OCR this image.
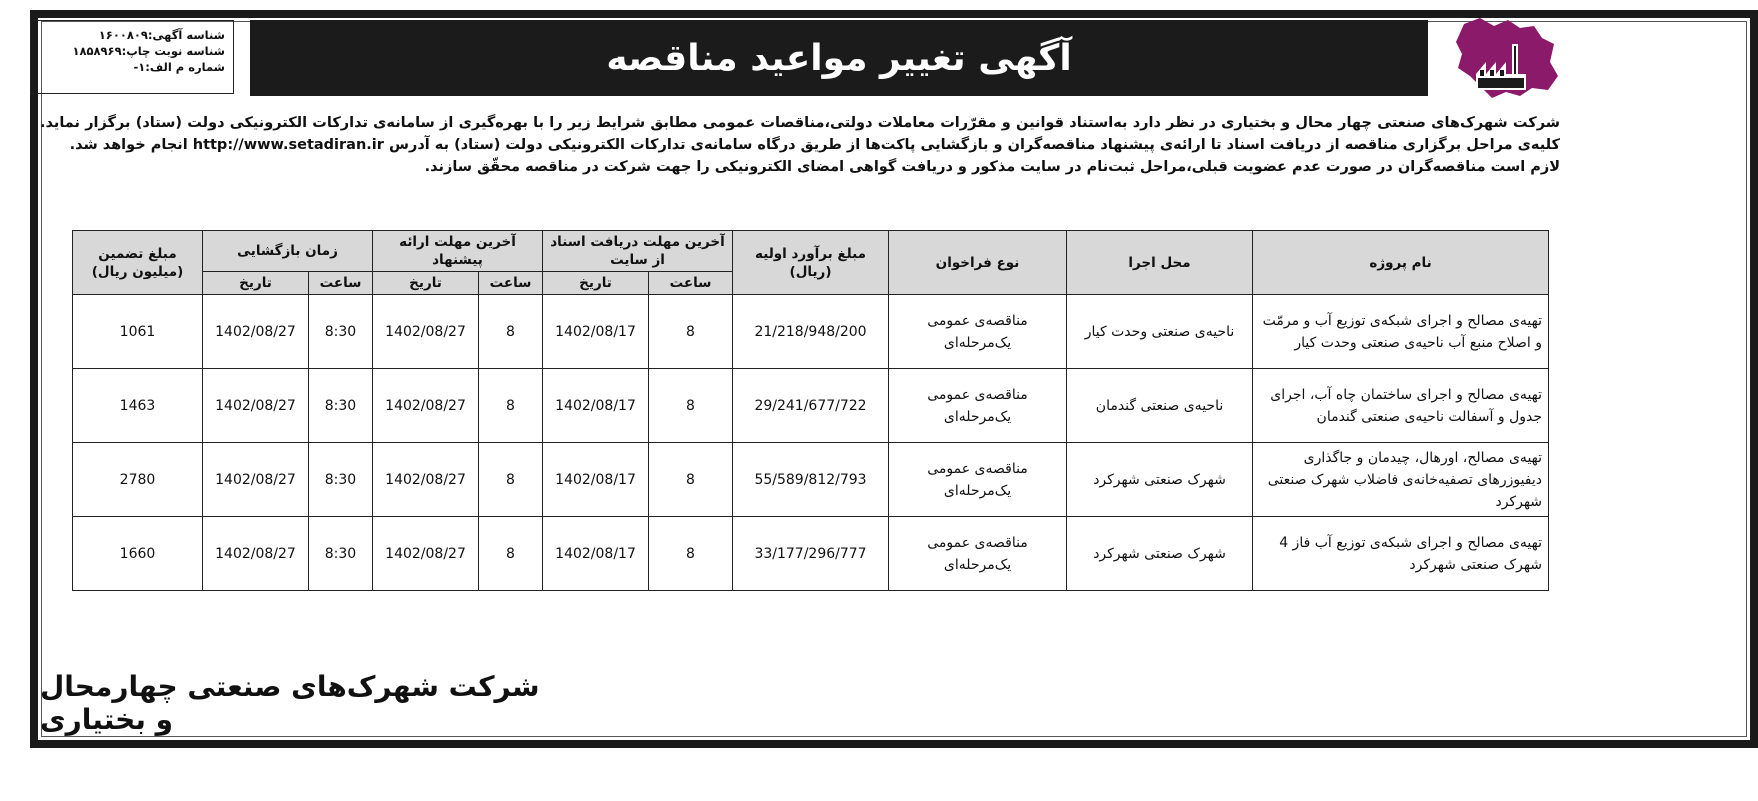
شناسه آگهی:۱۶۰۰۸۰۹
شناسه نوبت چاپ:۱۸۵۸۹۶۹
شماره م الف:۱-	آگهی تغییر مواعید مناقصه

شرکت شهرک‌های صنعتی چهار محال و بختیاری در نظر دارد به‌استناد قوانین و مقرّرات معاملات دولتی،مناقصات عمومی مطابق شرایط زیر را با بهره‌گیری از سامانه‌ی تدارکات الکترونیکی دولت (ستاد) برگزار نماید. کلیه‌ی مراحل برگزاری مناقصه از دریافت اسناد تا ارائه‌ی پیشنهاد مناقصه‌گران و بازگشایی پاکت‌ها از طریق درگاه سامانه‌ی تدارکات الکترونیکی دولت (ستاد) به آدرس http://www.setadiran.ir انجام خواهد شد.

لازم است مناقصه‌گران در صورت عدم عضویت قبلی،مراحل ثبت‌نام در سایت مذکور و دریافت گواهی امضای الکترونیکی را جهت شرکت در مناقصه محقّق سازند.

نام پروژه	محل اجرا	نوع فراخوان	مبلغ برآورد اولیه (ریال)	آخرین مهلت دریافت اسناد از سایت		آخرین مهلت ارائه پیشنهاد		زمان بازگشایی		مبلغ تضمین (میلیون ریال)
				ساعت	تاریخ	ساعت	تاریخ	ساعت	تاریخ	
تهیه‌ی مصالح و اجرای شبکه‌ی توزیع آب و مرمّت و اصلاح منبع آب ناحیه‌ی صنعتی وحدت کیار	ناحیه‌ی صنعتی وحدت کیار	مناقصه‌ی عمومی یک‌مرحله‌ای	21/218/948/200	8	1402/08/17	8	1402/08/27	8:30	1402/08/27	1061
تهیه‌ی مصالح و اجرای ساختمان چاه آب، اجرای جدول و آسفالت ناحیه‌ی صنعتی گندمان	ناحیه‌ی صنعتی گندمان	مناقصه‌ی عمومی یک‌مرحله‌ای	29/241/677/722	8	1402/08/17	8	1402/08/27	8:30	1402/08/27	1463
تهیه‌ی مصالح، اورهال، چیدمان و جاگذاری دیفیوزرهای تصفیه‌خانه‌ی فاضلاب شهرک صنعتی شهرکرد	شهرک صنعتی شهرکرد	مناقصه‌ی عمومی یک‌مرحله‌ای	55/589/812/793	8	1402/08/17	8	1402/08/27	8:30	1402/08/27	2780
تهیه‌ی مصالح و اجرای شبکه‌ی توزیع آب فاز 4 شهرک صنعتی شهرکرد	شهرک صنعتی شهرکرد	مناقصه‌ی عمومی یک‌مرحله‌ای	33/177/296/777	8	1402/08/17	8	1402/08/27	8:30	1402/08/27	1660
شرکت شهرک‌های صنعتی چهارمحال و بختیاری
